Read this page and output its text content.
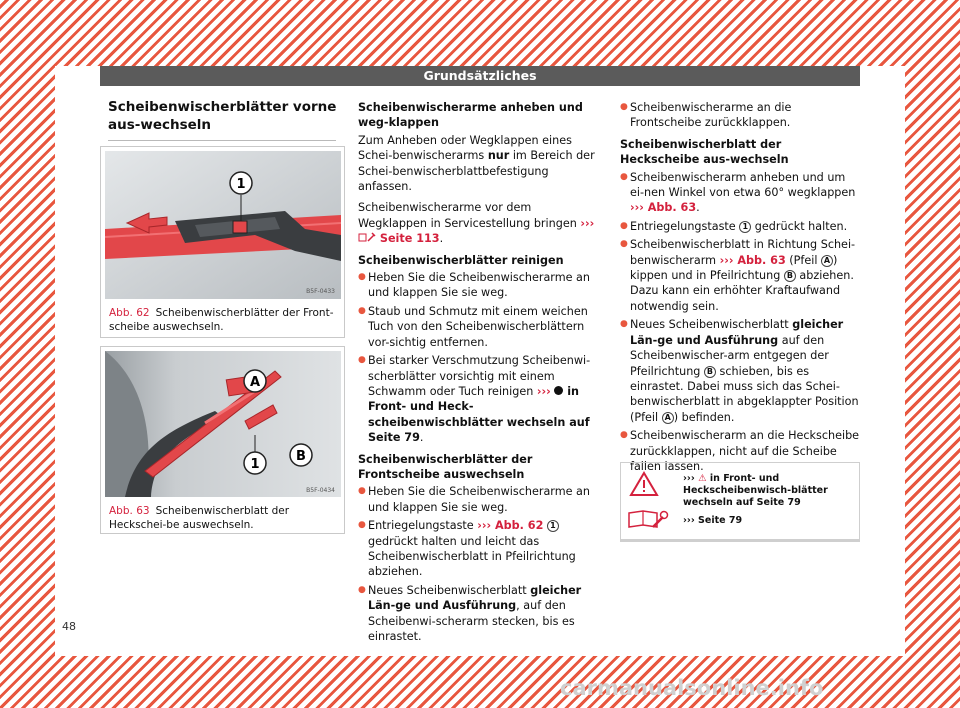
Grundsätzliches
Scheibenwischerblätter vorne aus-wechseln
1
B5F-0433
Abb. 62 Scheibenwischerblätter der Front-scheibe auswechseln.
A
B
1
B5F-0434
Abb. 63 Scheibenwischerblatt der Heckschei-be auswechseln.

Scheibenwischerarme anheben und weg-klappen

Zum Anheben oder Wegklappen eines Schei-benwischerarms nur im Bereich der Schei-benwischerblattbefestigung anfassen.

Scheibenwischerarme vor dem Wegklappen in Servicestellung bringen ›››  Seite 113.

Scheibenwischerblätter reinigen

● Heben Sie die Scheibenwischerarme an und klappen Sie sie weg.

● Staub und Schmutz mit einem weichen Tuch von den Scheibenwischerblättern vor-sichtig entfernen.

● Bei starker Verschmutzung Scheibenwi-scherblätter vorsichtig mit einem Schwamm oder Tuch reinigen ›››  in Front- und Heck-scheibenwischblätter wechseln auf Seite 79.

Scheibenwischerblätter der Frontscheibe auswechseln

● Heben Sie die Scheibenwischerarme an und klappen Sie sie weg.

● Entriegelungstaste ››› Abb. 62 1 gedrückt halten und leicht das Scheibenwischerblatt in Pfeilrichtung abziehen.

● Neues Scheibenwischerblatt gleicher Län-ge und Ausführung, auf den Scheibenwi-scherarm stecken, bis es einrastet.

● Scheibenwischerarme an die Frontscheibe zurückklappen.

Scheibenwischerblatt der Heckscheibe aus-wechseln

● Scheibenwischerarm anheben und um ei-nen Winkel von etwa 60° wegklappen ››› Abb. 63.

● Entriegelungstaste 1 gedrückt halten.

● Scheibenwischerblatt in Richtung Schei-benwischerarm ››› Abb. 63 (Pfeil A ) kippen und in Pfeilrichtung B abziehen. Dazu kann ein erhöhter Kraftaufwand notwendig sein.

● Neues Scheibenwischerblatt gleicher Län-ge und Ausführung auf den Scheibenwischer-arm entgegen der Pfeilrichtung B schieben, bis es einrastet. Dabei muss sich das Schei-benwischerblatt in abgeklappter Position (Pfeil A ) befinden.

● Scheibenwischerarm an die Heckscheibe zurückklappen, nicht auf die Scheibe fallen lassen.

››› ⚠ in Front- und Heckscheibenwisch-blätter wechseln auf Seite 79
››› Seite 79
48
carmanualsonline.info
